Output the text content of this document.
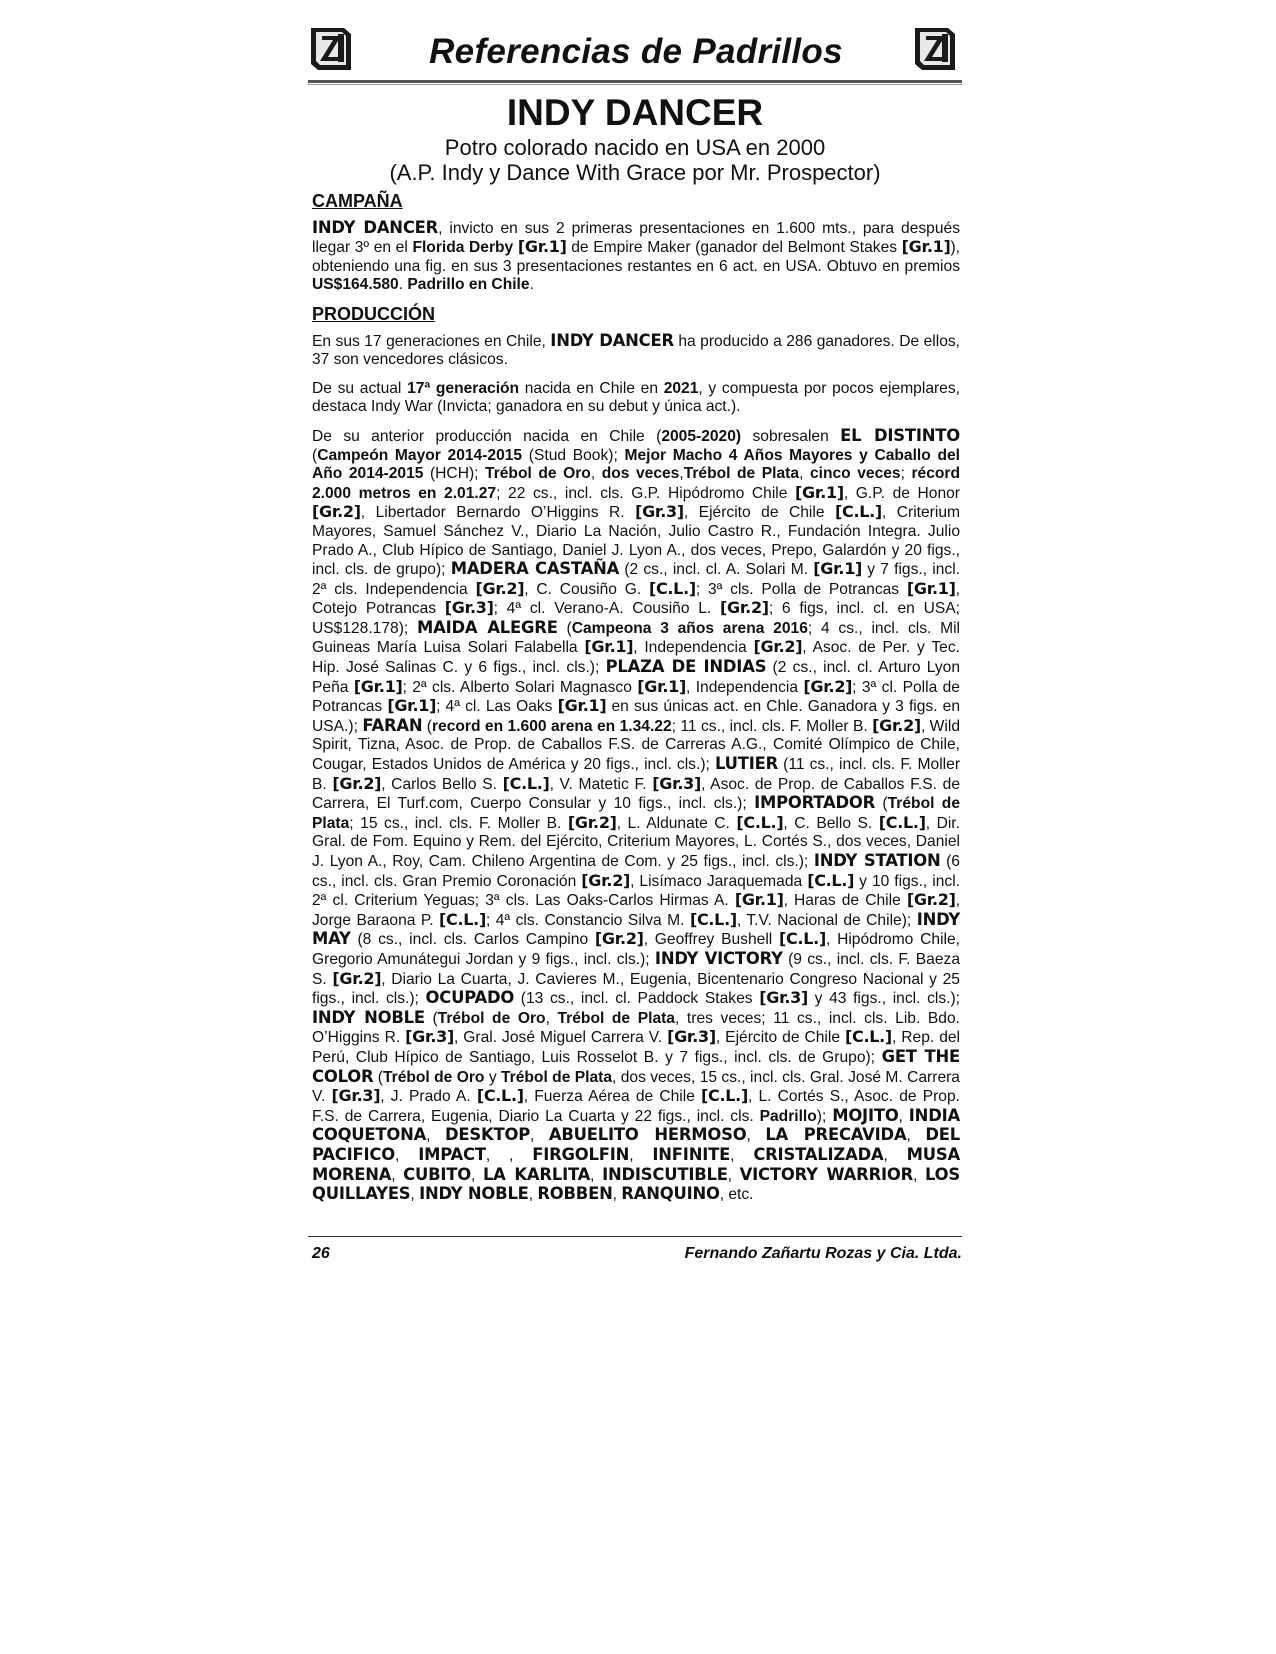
Referencias de Padrillos
INDY DANCER
Potro colorado nacido en USA en 2000
(A.P. Indy y Dance With Grace por Mr. Prospector)
CAMPAÑA

INDY DANCER, invicto en sus 2 primeras presentaciones en 1.600 mts., para después llegar 3º en el Florida Derby [Gr.1] de Empire Maker (ganador del Belmont Stakes [Gr.1]), obteniendo una fig. en sus 3 presentaciones restantes en 6 act. en USA. Obtuvo en premios US$164.580. Padrillo en Chile.

PRODUCCIÓN

En sus 17 generaciones en Chile, INDY DANCER ha producido a 286 ganadores. De ellos, 37 son vencedores clásicos.

De su actual 17ª generación nacida en Chile en 2021, y compuesta por pocos ejemplares, destaca Indy War (Invicta; ganadora en su debut y única act.).

De su anterior producción nacida en Chile (2005-2020) sobresalen EL DISTINTO (Campeón Mayor 2014-2015 (Stud Book); Mejor Macho 4 Años Mayores y Caballo del Año 2014-2015 (HCH); Trébol de Oro, dos veces,Trébol de Plata, cinco veces; récord 2.000 metros en 2.01.27; 22 cs., incl. cls. G.P. Hipódromo Chile [Gr.1], G.P. de Honor [Gr.2], Libertador Bernardo O’Higgins R. [Gr.3], Ejército de Chile [C.L.], Criterium Mayores, Samuel Sánchez V., Diario La Nación, Julio Castro R., Fundación Integra. Julio Prado A., Club Hípico de Santiago, Daniel J. Lyon A., dos veces, Prepo, Galardón y 20 figs., incl. cls. de grupo); MADERA CASTAÑA (2 cs., incl. cl. A. Solari M. [Gr.1] y 7 figs., incl. 2ª cls. Independencia [Gr.2], C. Cousiño G. [C.L.]; 3ª cls. Polla de Potrancas [Gr.1], Cotejo Potrancas [Gr.3]; 4ª cl. Verano-A. Cousiño L. [Gr.2]; 6 figs, incl. cl. en USA; US$128.178); MAIDA ALEGRE (Campeona 3 años arena 2016; 4 cs., incl. cls. Mil Guineas María Luisa Solari Falabella [Gr.1], Independencia [Gr.2], Asoc. de Per. y Tec. Hip. José Salinas C. y 6 figs., incl. cls.); PLAZA DE INDIAS (2 cs., incl. cl. Arturo Lyon Peña [Gr.1]; 2ª cls. Alberto Solari Magnasco [Gr.1], Independencia [Gr.2]; 3ª cl. Polla de Potrancas [Gr.1]; 4ª cl. Las Oaks [Gr.1] en sus únicas act. en Chle. Ganadora y 3 figs. en USA.); FARAN (record en 1.600 arena en 1.34.22; 11 cs., incl. cls. F. Moller B. [Gr.2], Wild Spirit, Tizna, Asoc. de Prop. de Caballos F.S. de Carreras A.G., Comité Olímpico de Chile, Cougar, Estados Unidos de América y 20 figs., incl. cls.); LUTIER (11 cs., incl. cls. F. Moller B. [Gr.2], Carlos Bello S. [C.L.], V. Matetic F. [Gr.3], Asoc. de Prop. de Caballos F.S. de Carrera, El Turf.com, Cuerpo Consular y 10 figs., incl. cls.); IMPORTADOR (Trébol de Plata; 15 cs., incl. cls. F. Moller B. [Gr.2], L. Aldunate C. [C.L.], C. Bello S. [C.L.], Dir. Gral. de Fom. Equino y Rem. del Ejército, Criterium Mayores, L. Cortés S., dos veces, Daniel J. Lyon A., Roy, Cam. Chileno Argentina de Com. y 25 figs., incl. cls.); INDY STATION (6 cs., incl. cls. Gran Premio Coronación [Gr.2], Lisímaco Jaraquemada [C.L.] y 10 figs., incl. 2ª cl. Criterium Yeguas; 3ª cls. Las Oaks-Carlos Hirmas A. [Gr.1], Haras de Chile [Gr.2], Jorge Baraona P. [C.L.]; 4ª cls. Constancio Silva M. [C.L.], T.V. Nacional de Chile); INDY MAY (8 cs., incl. cls. Carlos Campino [Gr.2], Geoffrey Bushell [C.L.], Hipódromo Chile, Gregorio Amunátegui Jordan y 9 figs., incl. cls.); INDY VICTORY (9 cs., incl. cls. F. Baeza S. [Gr.2], Diario La Cuarta, J. Cavieres M., Eugenia, Bicentenario Congreso Nacional y 25 figs., incl. cls.); OCUPADO (13 cs., incl. cl. Paddock Stakes [Gr.3] y 43 figs., incl. cls.); INDY NOBLE (Trébol de Oro, Trébol de Plata, tres veces; 11 cs., incl. cls. Lib. Bdo. O’Higgins R. [Gr.3], Gral. José Miguel Carrera V. [Gr.3], Ejército de Chile [C.L.], Rep. del Perú, Club Hípico de Santiago, Luis Rosselot B. y 7 figs., incl. cls. de Grupo); GET THE COLOR (Trébol de Oro y Trébol de Plata, dos veces, 15 cs., incl. cls. Gral. José M. Carrera V. [Gr.3], J. Prado A. [C.L.], Fuerza Aérea de Chile [C.L.], L. Cortés S., Asoc. de Prop. F.S. de Carrera, Eugenia, Diario La Cuarta y 22 figs., incl. cls. Padrillo); MOJITO, INDIA COQUETONA, DESKTOP, ABUELITO HERMOSO, LA PRECAVIDA, DEL PACIFICO, IMPACT, , FIRGOLFIN, INFINITE, CRISTALIZADA, MUSA MORENA, CUBITO, LA KARLITA, INDISCUTIBLE, VICTORY WARRIOR, LOS QUILLAYES, INDY NOBLE, ROBBEN, RANQUINO, etc.

26	Fernando Zañartu Rozas y Cia. Ltda.
